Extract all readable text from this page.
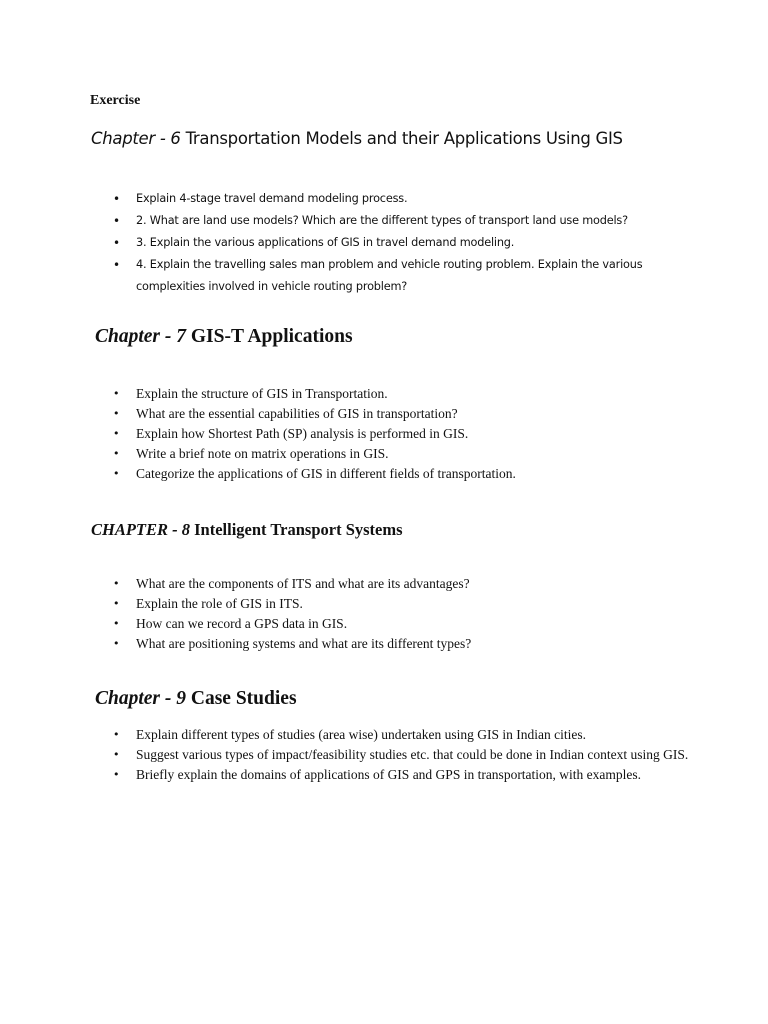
Exercise
Chapter - 6 Transportation Models and their Applications Using GIS
• Explain 4-stage travel demand modeling process.
• 2. What are land use models? Which are the different types of transport land use models?
• 3. Explain the various applications of GIS in travel demand modeling.
• 4. Explain the travelling sales man problem and vehicle routing problem. Explain the various complexities involved in vehicle routing problem?
Chapter - 7 GIS-T Applications
• Explain the structure of GIS in Transportation.
• What are the essential capabilities of GIS in transportation?
• Explain how Shortest Path (SP) analysis is performed in GIS.
• Write a brief note on matrix operations in GIS.
• Categorize the applications of GIS in different fields of transportation.
CHAPTER - 8 Intelligent Transport Systems
• What are the components of ITS and what are its advantages?
• Explain the role of GIS in ITS.
• How can we record a GPS data in GIS.
• What are positioning systems and what are its different types?
Chapter - 9 Case Studies
• Explain different types of studies (area wise) undertaken using GIS in Indian cities.
• Suggest various types of impact/feasibility studies etc. that could be done in Indian context using GIS.
• Briefly explain the domains of applications of GIS and GPS in transportation, with examples.
